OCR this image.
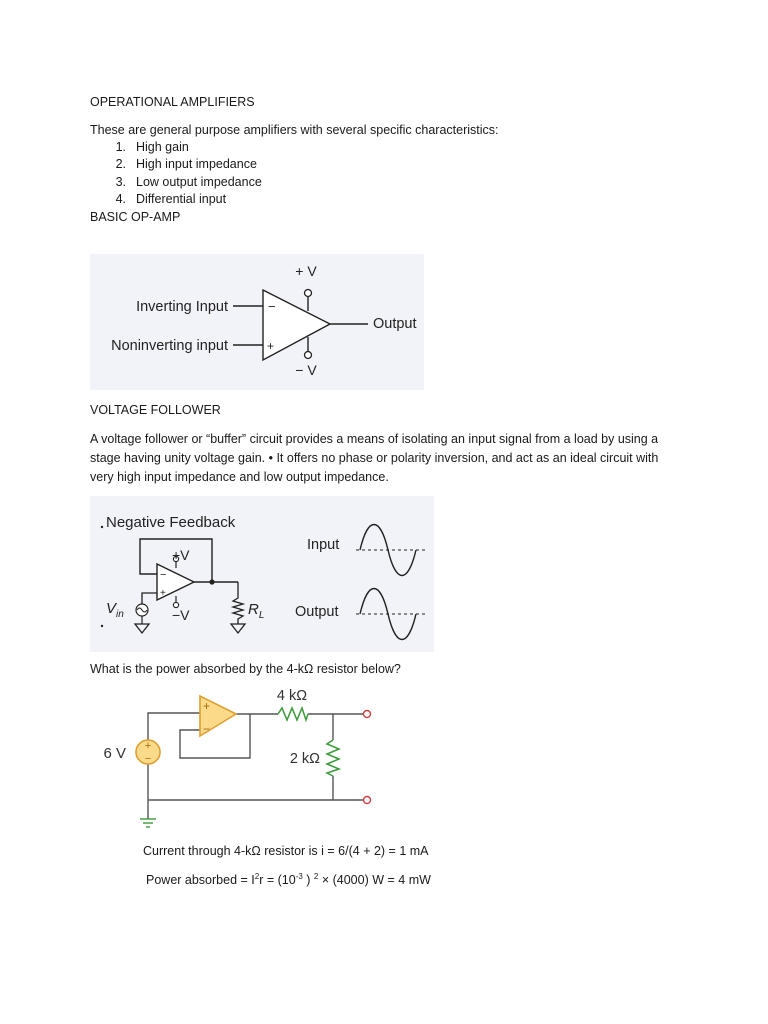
OPERATIONAL AMPLIFIERS
These are general purpose amplifiers with several specific characteristics:
1. High gain
2. High input impedance
3. Low output impedance
4. Differential input
BASIC OP-AMP
−
+
+ V
− V
Inverting Input
Noninverting input
Output
VOLTAGE FOLLOWER
A voltage follower or “buffer” circuit provides a means of isolating an input signal from a load by using a stage having unity voltage gain. • It offers no phase or polarity inversion, and act as an ideal circuit with very high input impedance and low output impedance.
Negative Feedback
−
+
+V
−V	$R_L$
$V_{in}$
Input
Output
What is the power absorbed by the 4-kΩ resistor below?
+
−
4 kΩ
2 kΩ
+
−
6 V
Current through 4-kΩ resistor is i = 6/(4 + 2) = 1 mA
Power absorbed = $I^2r = (10^{-3}$ ) $^2$ × (4000) W = 4 mW
